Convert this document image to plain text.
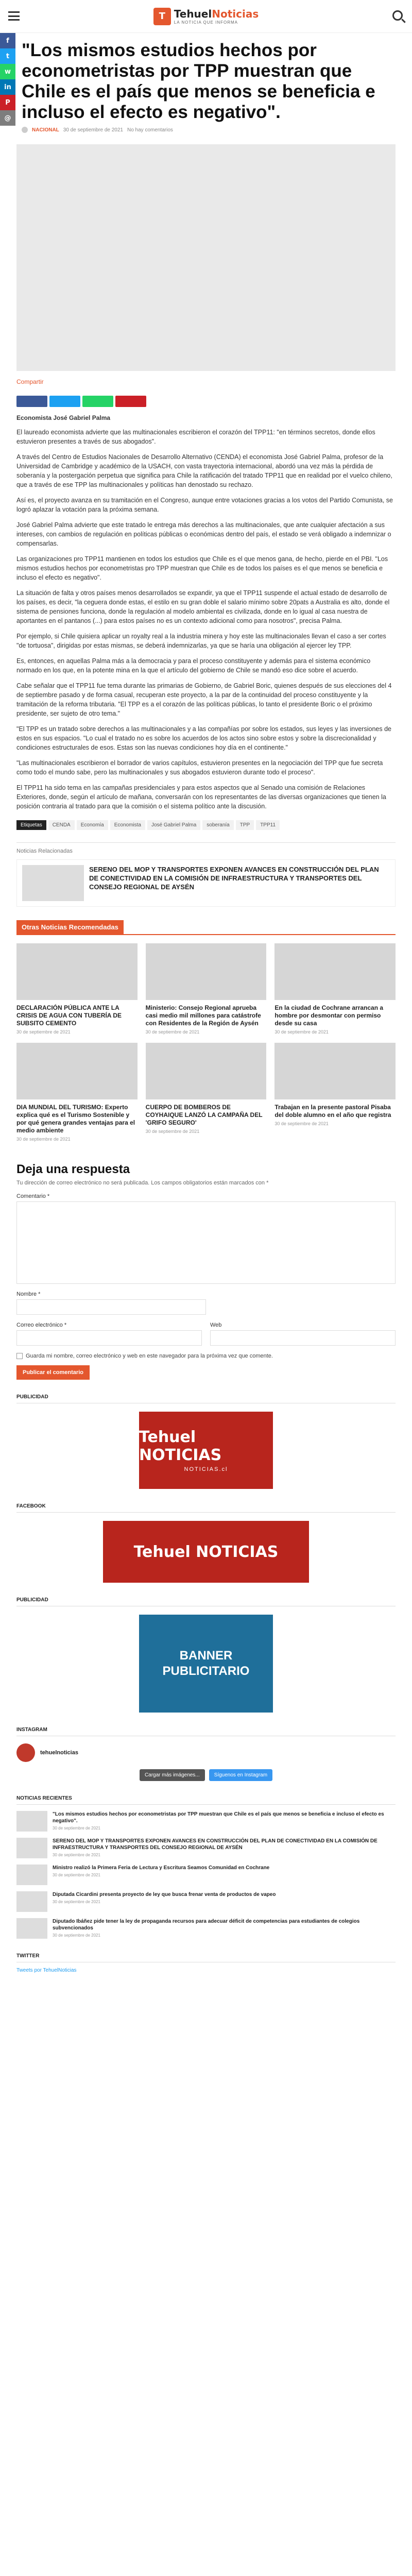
T TehuelNoticias
LA NOTICIA QUE INFORMA
f
t
w
in
P
@
"Los mismos estudios hechos por econometristas por TPP muestran que Chile es el país que menos se beneficia e incluso el efecto es negativo".
NACIONAL 30 de septiembre de 2021 No hay comentarios
Compartir
Economista José Gabriel Palma

El laureado economista advierte que las multinacionales escribieron el corazón del TPP11: "en términos secretos, donde ellos estuvieron presentes a través de sus abogados".

A través del Centro de Estudios Nacionales de Desarrollo Alternativo (CENDA) el economista José Gabriel Palma, profesor de la Universidad de Cambridge y académico de la USACH, con vasta trayectoria internacional, abordó una vez más la pérdida de soberanía y la postergación perpetua que significa para Chile la ratificación del tratado TPP11 que en realidad por el vuelco chileno, que a través de ese TPP las multinacionales y políticas han denostado su rechazo.

Así es, el proyecto avanza en su tramitación en el Congreso, aunque entre votaciones gracias a los votos del Partido Comunista, se logró aplazar la votación para la próxima semana.

José Gabriel Palma advierte que este tratado le entrega más derechos a las multinacionales, que ante cualquier afectación a sus intereses, con cambios de regulación en políticas públicas o económicas dentro del país, el estado se verá obligado a indemnizar o compensarlas.

Las organizaciones pro TPP11 mantienen en todos los estudios que Chile es el que menos gana, de hecho, pierde en el PBI. "Los mismos estudios hechos por econometristas pro TPP muestran que Chile es de todos los países es el que menos se beneficia e incluso el efecto es negativo".

La situación de falta y otros países menos desarrollados se expandir, ya que el TPP11 suspende el actual estado de desarrollo de los países, es decir, "la ceguera donde estas, el estilo en su gran doble el salario mínimo sobre 20pats a Australia es alto, donde el sistema de pensiones funciona, donde la regulación al modelo ambiental es civilizada, donde en lo igual al casa nuestra de aportantes en el pantanos (...) para estos países no es un contexto adicional como para nosotros", precisa Palma.

Por ejemplo, si Chile quisiera aplicar un royalty real a la industria minera y hoy este las multinacionales llevan el caso a ser cortes "de tortuosa", dirigidas por estas mismas, se deberá indemnizarlas, ya que se haría una obligación al ejercer ley TPP.

Es, entonces, en aquellas Palma más a la democracia y para el proceso constituyente y además para el sistema económico normado en los que, en la potente mina en la que el artículo del gobierno de Chile se mandó eso dice sobre el acuerdo.

Cabe señalar que el TPP11 fue tema durante las primarias de Gobierno, de Gabriel Boric, quienes después de sus elecciones del 4 de septiembre pasado y de forma casual, recuperan este proyecto, a la par de la continuidad del proceso constituyente y la tramitación de la reforma tributaria. "El TPP es a el corazón de las políticas públicas, lo tanto el presidente Boric o el próximo presidente, ser sujeto de otro tema."

"El TPP es un tratado sobre derechos a las multinacionales y a las compañías por sobre los estados, sus leyes y las inversiones de estos en sus espacios. "Lo cual el tratado no es sobre los acuerdos de los actos sino sobre estos y sobre la discrecionalidad y condiciones estructurales de esos. Estas son las nuevas condiciones hoy día en el continente."

"Las multinacionales escribieron el borrador de varios capítulos, estuvieron presentes en la negociación del TPP que fue secreta como todo el mundo sabe, pero las multinacionales y sus abogados estuvieron durante todo el proceso".

El TPP11 ha sido tema en las campañas presidenciales y para estos aspectos que al Senado una comisión de Relaciones Exteriores, donde, según el artículo de mañana, conversarán con los representantes de las diversas organizaciones que tienen la posición contraria al tratado para que la comisión o el sistema político ante la discusión.

Etiquetas	CENDA	Economía	Economista	José Gabriel Palma	soberanía	TPP	TPP11
Noticias Relacionadas
SERENO DEL MOP Y TRANSPORTES EXPONEN AVANCES EN CONSTRUCCIÓN DEL PLAN DE CONECTIVIDAD EN LA COMISIÓN DE INFRAESTRUCTURA Y TRANSPORTES DEL CONSEJO REGIONAL DE AYSÉN
Otras Noticias Recomendadas
DECLARACIÓN PÚBLICA ANTE LA CRISIS DE AGUA CON TUBERÍA DE SUBSITO CEMENTO
30 de septiembre de 2021
Ministerio: Consejo Regional aprueba casi medio mil millones para catástrofe con Residentes de la Región de Aysén
30 de septiembre de 2021
En la ciudad de Cochrane arrancan a hombre por desmontar con permiso desde su casa
30 de septiembre de 2021
DIA MUNDIAL DEL TURISMO: Experto explica qué es el Turismo Sostenible y por qué genera grandes ventajas para el medio ambiente
30 de septiembre de 2021
CUERPO DE BOMBEROS DE COYHAIQUE LANZÓ LA CAMPAÑA DEL 'GRIFO SEGURO'
30 de septiembre de 2021
Trabajan en la presente pastoral Pisaba del doble alumno en el año que registra
30 de septiembre de 2021
Deja una respuesta
Tu dirección de correo electrónico no será publicada. Los campos obligatorios están marcados con *
Comentario *
Nombre *
Correo electrónico *	Web
Guarda mi nombre, correo electrónico y web en este navegador para la próxima vez que comente.
Publicar el comentario
PUBLICIDAD
Tehuel NOTICIAS
NOTICIAS.cl
FACEBOOK
Tehuel NOTICIAS
PUBLICIDAD
BANNER PUBLICITARIO
INSTAGRAM
tehuelnoticias
Cargar más imágenes...	Síguenos en Instagram
NOTICIAS RECIENTES
"Los mismos estudios hechos por econometristas por TPP muestran que Chile es el país que menos se beneficia e incluso el efecto es negativo".
30 de septiembre de 2021
SERENO DEL MOP Y TRANSPORTES EXPONEN AVANCES EN CONSTRUCCIÓN DEL PLAN DE CONECTIVIDAD EN LA COMISIÓN DE INFRAESTRUCTURA Y TRANSPORTES DEL CONSEJO REGIONAL DE AYSÉN
30 de septiembre de 2021
Ministro realizó la Primera Feria de Lectura y Escritura Seamos Comunidad en Cochrane
30 de septiembre de 2021
Diputada Cicardini presenta proyecto de ley que busca frenar venta de productos de vapeo
30 de septiembre de 2021
Diputado Ibáñez pide tener la ley de propaganda recursos para adecuar déficit de competencias para estudiantes de colegios subvencionados
30 de septiembre de 2021
TWITTER
Tweets por TehuelNoticias
